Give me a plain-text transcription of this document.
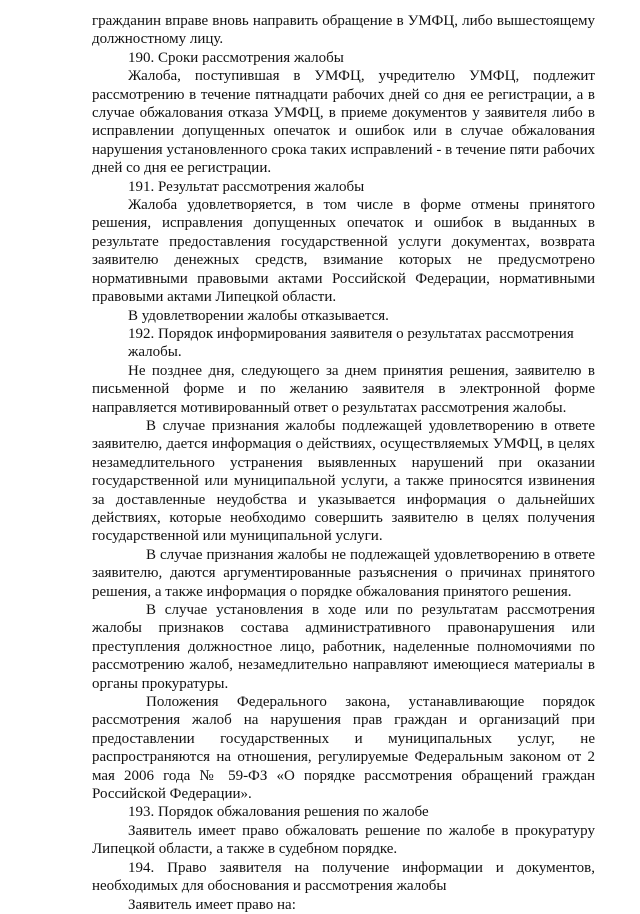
гражданин вправе вновь направить обращение в УМФЦ, либо вышестоящему должностному лицу.

190. Сроки рассмотрения жалобы

Жалоба, поступившая в УМФЦ, учредителю УМФЦ, подлежит рассмотрению в течение пятнадцати рабочих дней со дня ее регистрации, а в случае обжалования отказа УМФЦ, в приеме документов у заявителя либо в исправлении допущенных опечаток и ошибок или в случае обжалования нарушения установленного срока таких исправлений - в течение пяти рабочих дней со дня ее регистрации.

191. Результат рассмотрения жалобы

Жалоба удовлетворяется, в том числе в форме отмены принятого решения, исправления допущенных опечаток и ошибок в выданных в результате предоставления государственной услуги документах, возврата заявителю денежных средств, взимание которых не предусмотрено нормативными правовыми актами Российской Федерации, нормативными правовыми актами Липецкой области.

В удовлетворении жалобы отказывается.

192. Порядок информирования заявителя о результатах рассмотрения

жалобы.

Не позднее дня, следующего за днем принятия решения, заявителю в письменной форме и по желанию заявителя в электронной форме направляется мотивированный ответ о результатах рассмотрения жалобы.

В случае признания жалобы подлежащей удовлетворению в ответе заявителю, дается информация о действиях, осуществляемых УМФЦ, в целях незамедлительного устранения выявленных нарушений при оказании государственной или муниципальной услуги, а также приносятся извинения за доставленные неудобства и указывается информация о дальнейших действиях, которые необходимо совершить заявителю в целях получения государственной или муниципальной услуги.

В случае признания жалобы не подлежащей удовлетворению в ответе заявителю, даются аргументированные разъяснения о причинах принятого решения, а также информация о порядке обжалования принятого решения.

В случае установления в ходе или по результатам рассмотрения жалобы признаков состава административного правонарушения или преступления должностное лицо, работник, наделенные полномочиями по рассмотрению жалоб, незамедлительно направляют имеющиеся материалы в органы прокуратуры.

Положения Федерального закона, устанавливающие порядок рассмотрения жалоб на нарушения прав граждан и организаций при предоставлении государственных и муниципальных услуг, не распространяются на отношения, регулируемые Федеральным законом от 2 мая 2006 года № 59-ФЗ «О порядке рассмотрения обращений граждан Российской Федерации».

193. Порядок обжалования решения по жалобе

Заявитель имеет право обжаловать решение по жалобе в прокуратуру Липецкой области, а также в судебном порядке.

194. Право заявителя на получение информации и документов, необходимых для обоснования и рассмотрения жалобы

Заявитель имеет право на:
